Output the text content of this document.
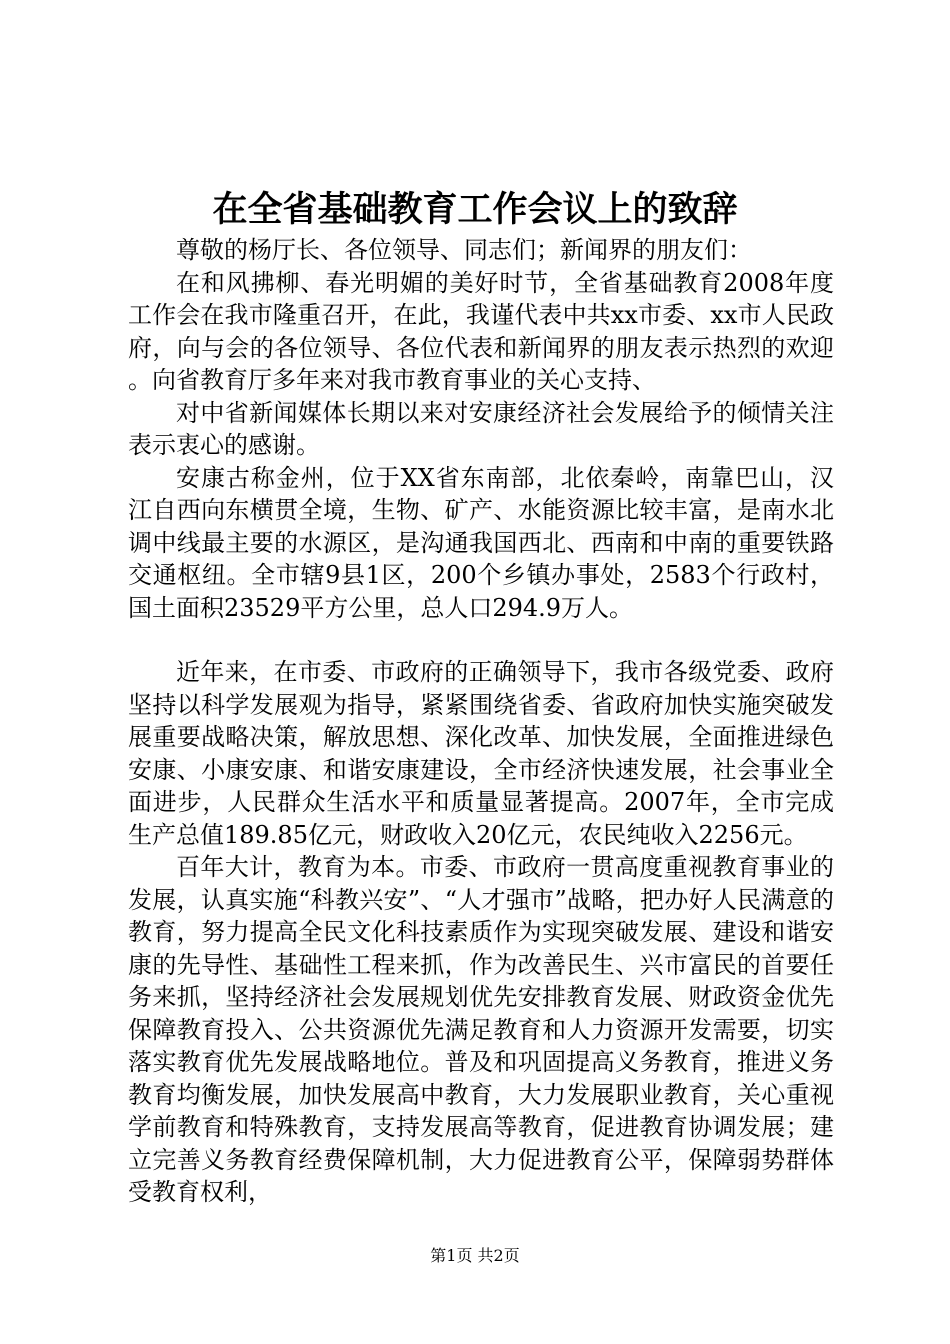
在全省基础教育工作会议上的致辞

尊敬的杨厅长、各位领导、同志们；新闻界的朋友们：

在和风拂柳、春光明媚的美好时节，全省基础教育2008年度工作会在我市隆重召开，在此，我谨代表中共xx市委、xx市人民政府，向与会的各位领导、各位代表和新闻界的朋友表示热烈的欢迎。向省教育厅多年来对我市教育事业的关心支持、

对中省新闻媒体长期以来对安康经济社会发展给予的倾情关注表示衷心的感谢。

安康古称金州，位于XX省东南部，北依秦岭，南靠巴山，汉江自西向东横贯全境，生物、矿产、水能资源比较丰富，是南水北调中线最主要的水源区，是沟通我国西北、西南和中南的重要铁路交通枢纽。全市辖9县1区，200个乡镇办事处，2583个行政村，国土面积23529平方公里，总人口294.9万人。

近年来，在市委、市政府的正确领导下，我市各级党委、政府坚持以科学发展观为指导，紧紧围绕省委、省政府加快实施突破发展重要战略决策，解放思想、深化改革、加快发展，全面推进绿色安康、小康安康、和谐安康建设，全市经济快速发展，社会事业全面进步，人民群众生活水平和质量显著提高。2007年，全市完成生产总值189.85亿元，财政收入20亿元，农民纯收入2256元。

百年大计，教育为本。市委、市政府一贯高度重视教育事业的发展，认真实施“科教兴安”、“人才强市”战略，把办好人民满意的教育，努力提高全民文化科技素质作为实现突破发展、建设和谐安康的先导性、基础性工程来抓，作为改善民生、兴市富民的首要任务来抓，坚持经济社会发展规划优先安排教育发展、财政资金优先保障教育投入、公共资源优先满足教育和人力资源开发需要，切实落实教育优先发展战略地位。普及和巩固提高义务教育，推进义务教育均衡发展，加快发展高中教育，大力发展职业教育，关心重视学前教育和特殊教育，支持发展高等教育，促进教育协调发展；建立完善义务教育经费保障机制，大力促进教育公平，保障弱势群体受教育权利，

第1页 共2页
